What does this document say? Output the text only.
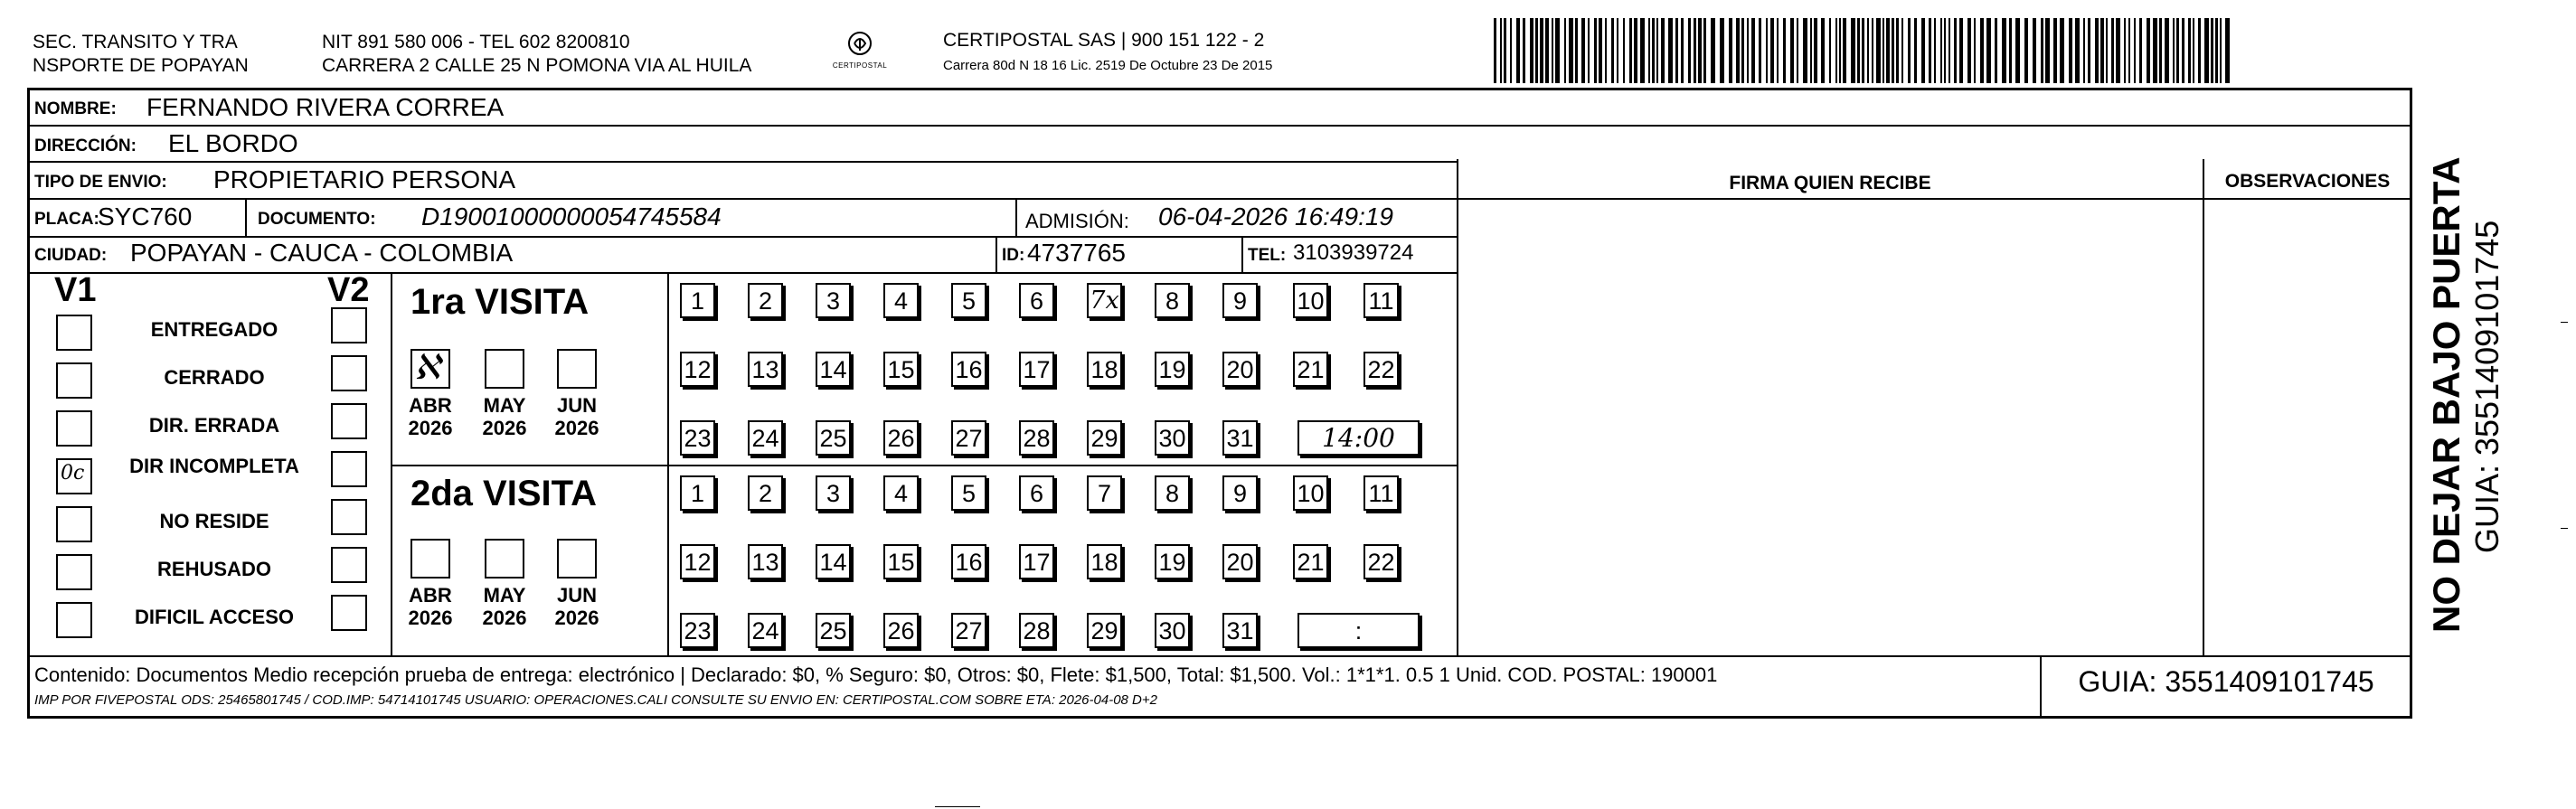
SEC. TRANSITO Y TRA
NSPORTE DE POPAYAN
NIT 891 580 006 - TEL 602 8200810
CARRERA 2 CALLE 25 N POMONA VIA AL HUILA	CERTIPOSTAL
CERTIPOSTAL SAS | 900 151 122 - 2
Carrera 80d N 18 16 Lic. 2519 De Octubre 23 De 2015
NOMBRE: FERNANDO RIVERA CORREA
DIRECCIÓN: EL BORDO
TIPO DE ENVIO: PROPIETARIO PERSONA	FIRMA QUIEN RECIBE	OBSERVACIONES
PLACA:
SYC760	DOCUMENTO: D19001000000054745584	ADMISIÓN: 06-04-2026 16:49:19
CIUDAD: POPAYAN - CAUCA - COLOMBIA	ID: 4737765	TEL: 3103939724
V1	V2 1ra VISITA
2da VISITA
Contenido: Documentos Medio recepción prueba de entrega: electrónico | Declarado: $0, % Seguro: $0, Otros: $0, Flete: $1,500, Total: $1,500. Vol.: 1*1*1. 0.5 1 Unid. COD. POSTAL: 190001
IMP POR FIVEPOSTAL ODS: 25465801745 / COD.IMP: 54714101745 USUARIO: OPERACIONES.CALI CONSULTE SU ENVIO EN: CERTIPOSTAL.COM SOBRE ETA: 2026-04-08 D+2
GUIA: 3551409101745
NO DEJAR BAJO PUERTA GUIA: 3551409101745
ENTREGADO
CERRADO
DIR. ERRADA
DIR INCOMPLETA
0c
NO RESIDE
REHUSADO
DIFICIL ACCESO
ABR
2026
MAY
2026
JUN
2026
ABR
2026
MAY
2026
JUN
2026
ℵ
1	2	3	4	5	6	7x	8	9	10 11
12 13 14 15 16 17 18 19 20 21 22
23 24 25 26 27 28 29 30 31	14:00
1	2	3	4	5	6	7	8	9	10 11
12 13 14 15 16 17 18 19 20 21 22
23 24 25 26 27 28 29 30 31	:
